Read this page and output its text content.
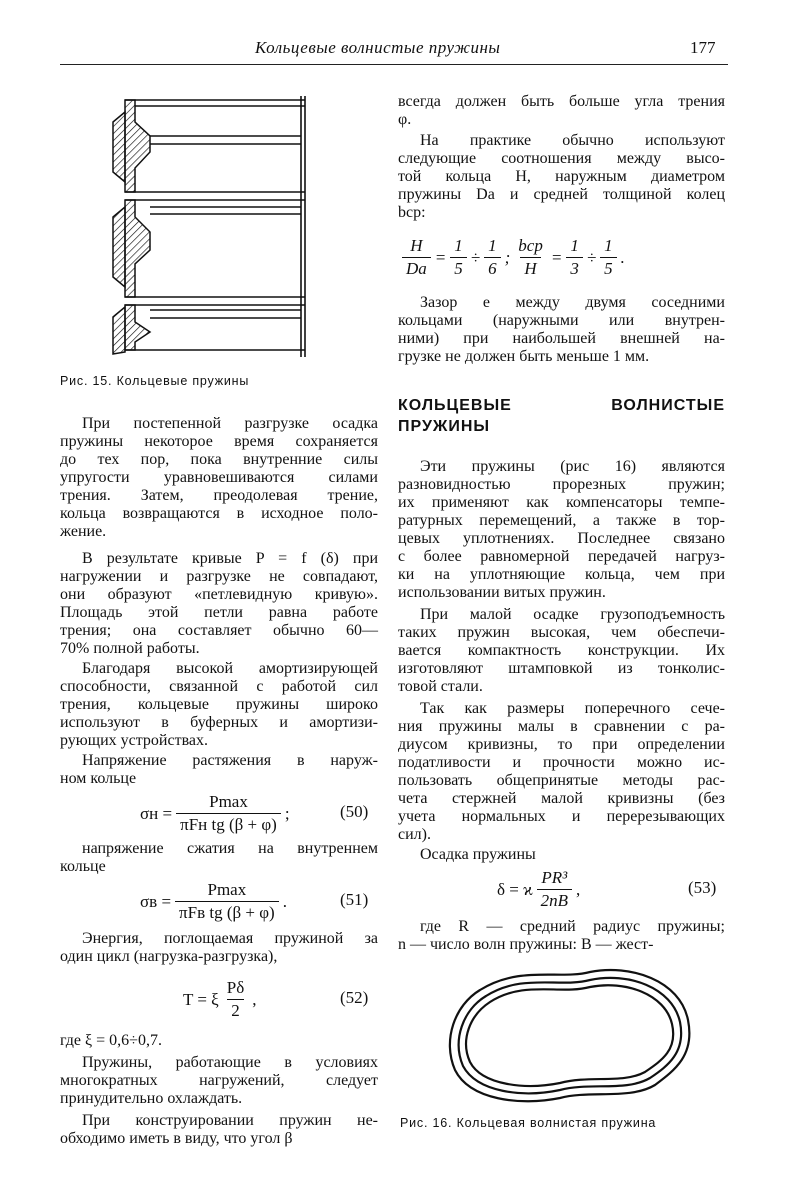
Кольцевые волнистые пружины	177
Рис. 15. Кольцевые пружины
При постепенной разгрузке осадка
пружины некоторое время сохраняется
до тех пор, пока внутренние силы
упругости уравновешиваются силами
трения. Затем, преодолевая трение,
кольца возвращаются в исходное поло-
жение.
В результате кривые P = f (δ) при
нагружении и разгрузке не совпадают,
они образуют «петлевидную кривую».
Площадь этой петли равна работе
трения; она составляет обычно 60—
70% полной работы.
Благодаря высокой амортизирующей
способности, связанной с работой сил
трения, кольцевые пружины широко
используют в буферных и амортизи-
рующих устройствах.
Напряжение растяжения в наруж-
ном кольце
$\sigma н = \frac{Pmax}{\text{πFн tg (β + φ)}}$ ;	(50)
напряжение сжатия на внутреннем
кольце
$\sigma в = \frac{Pmax}{\text{πFв tg (β + φ)}}$ .	(51)
Энергия, поглощаемая пружиной за
один цикл (нагрузка-разгрузка),
T = ξ $\frac{P\delta}{2}$ ,	(52)
где ξ = 0,6÷0,7.
Пружины, работающие в условиях
многократных нагружений, следует
принудительно охлаждать.
При конструировании пружин не-
обходимо иметь в виду, что угол β
всегда должен быть больше угла трения
φ.
На практике обычно используют
следующие соотношения между высо-
той кольца H, наружным диаметром
пружины Dа и средней толщиной колец
bср:
$\frac{H}{Dа} = \frac{1}{5} \div \frac{1}{6}$ ; $\frac{\text{bср}}{H} = \frac{1}{3} \div \frac{1}{5}$ .
Зазор e между двумя соседними
кольцами (наружными или внутрен-
ними) при наибольшей внешней на-
грузке не должен быть меньше 1 мм.
КОЛЬЦЕВЫЕ ВОЛНИСТЫЕ
ПРУЖИНЫ
Эти пружины (рис 16) являются
разновидностью прорезных пружин;
их применяют как компенсаторы темпе-
ратурных перемещений, а также в тор-
цевых уплотнениях. Последнее связано
с более равномерной передачей нагруз-
ки на уплотняющие кольца, чем при
использовании витых пружин.
При малой осадке грузоподъемность
таких пружин высокая, чем обеспечи-
вается компактность конструкции. Их
изготовляют штамповкой из тонколис-
товой стали.
Так как размеры поперечного сече-
ния пружины малы в сравнении с ра-
диусом кривизны, то при определении
податливости и прочности можно ис-
пользовать общепринятые методы рас-
чета стержней малой кривизны (без
учета нормальных и перерезывающих
сил).
Осадка пружины
δ = ϰ $\frac{\text{PR³}}{2nB}$ ,	(53)
где R — средний радиус пружины;
n — число волн пружины: B — жест-
Рис. 16. Кольцевая волнистая пружина
